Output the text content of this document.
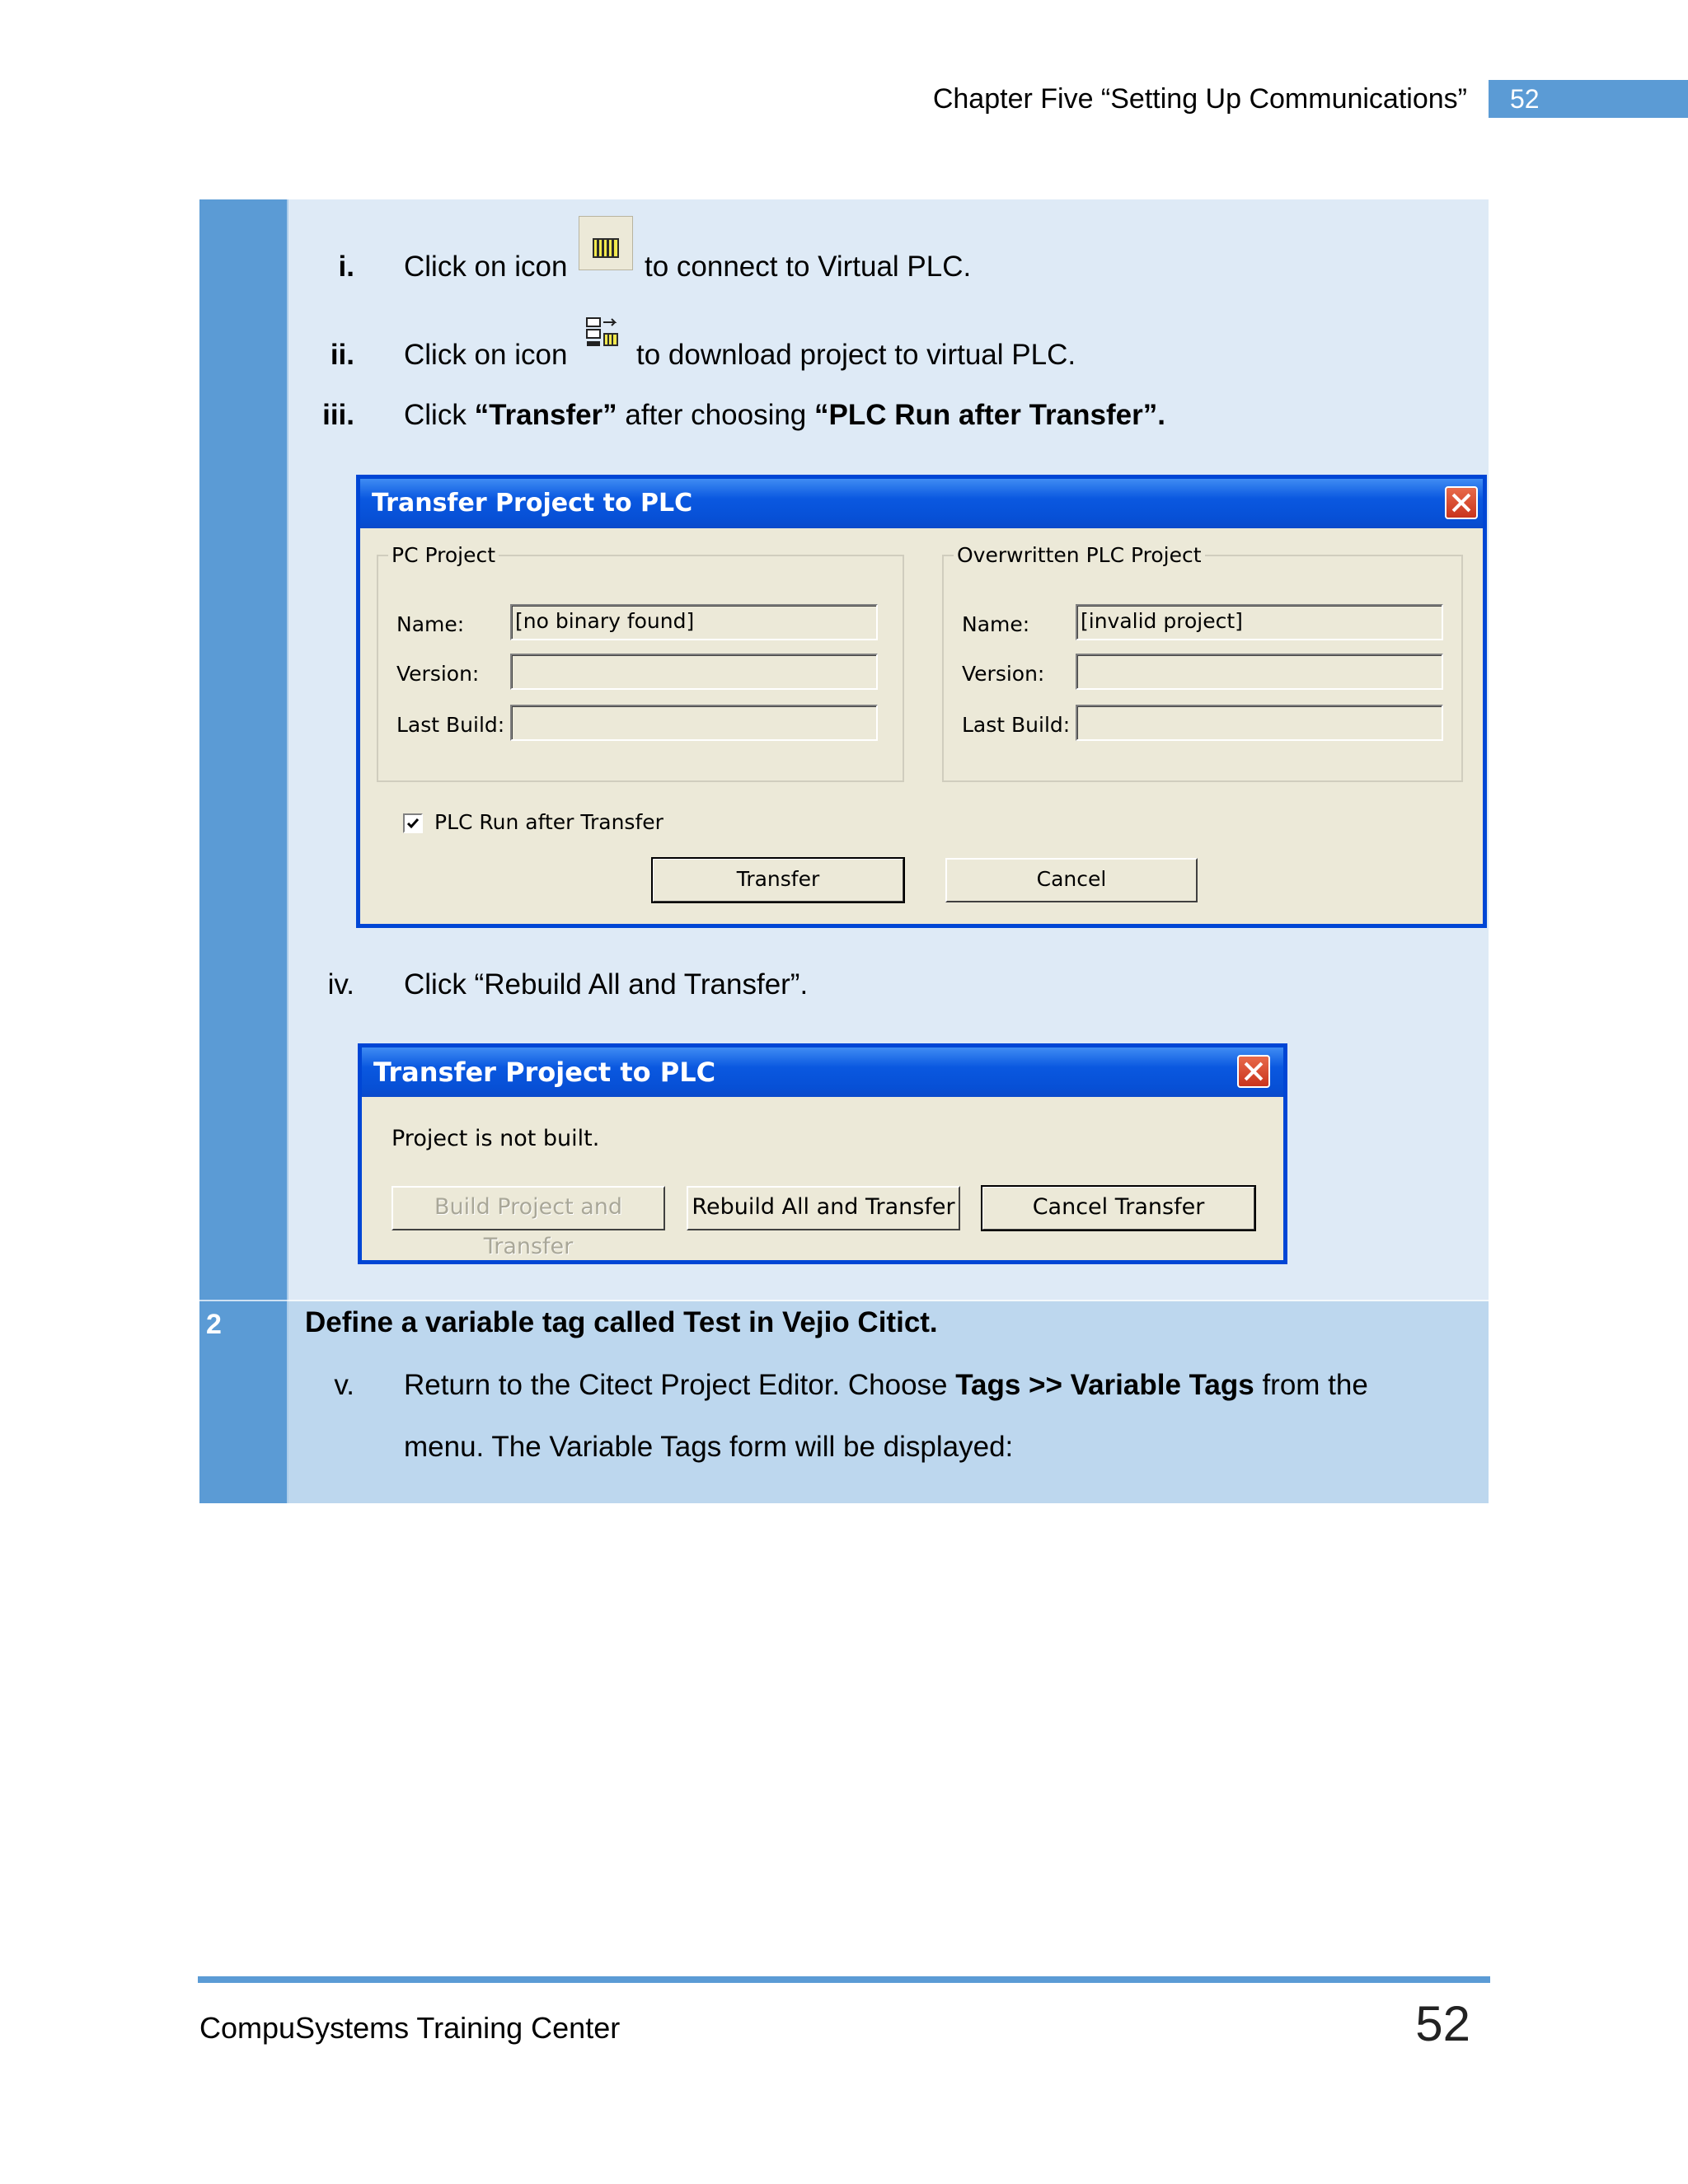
Chapter Five “Setting Up Communications”	52
i. Click on icon	to connect to Virtual PLC.
ii. Click on icon to download project to virtual PLC.
iii. Click “Transfer” after choosing “PLC Run after Transfer”.
Transfer Project to PLC
PC Project
Name: [no binary found]
Version:
Last Build:
Overwritten PLC Project
Name: [invalid project]
Version:
Last Build:
PLC Run after Transfer
Transfer	Cancel
iv. Click “Rebuild All and Transfer”.
Transfer Project to PLC
Project is not built.
Build Project and Transfer
Rebuild All and Transfer	Cancel Transfer
2	Define a variable tag called Test in Vejio Citict.
v. Return to the Citect Project Editor. Choose Tags >> Variable Tags from the
menu. The Variable Tags form will be displayed:
CompuSystems Training Center	52
